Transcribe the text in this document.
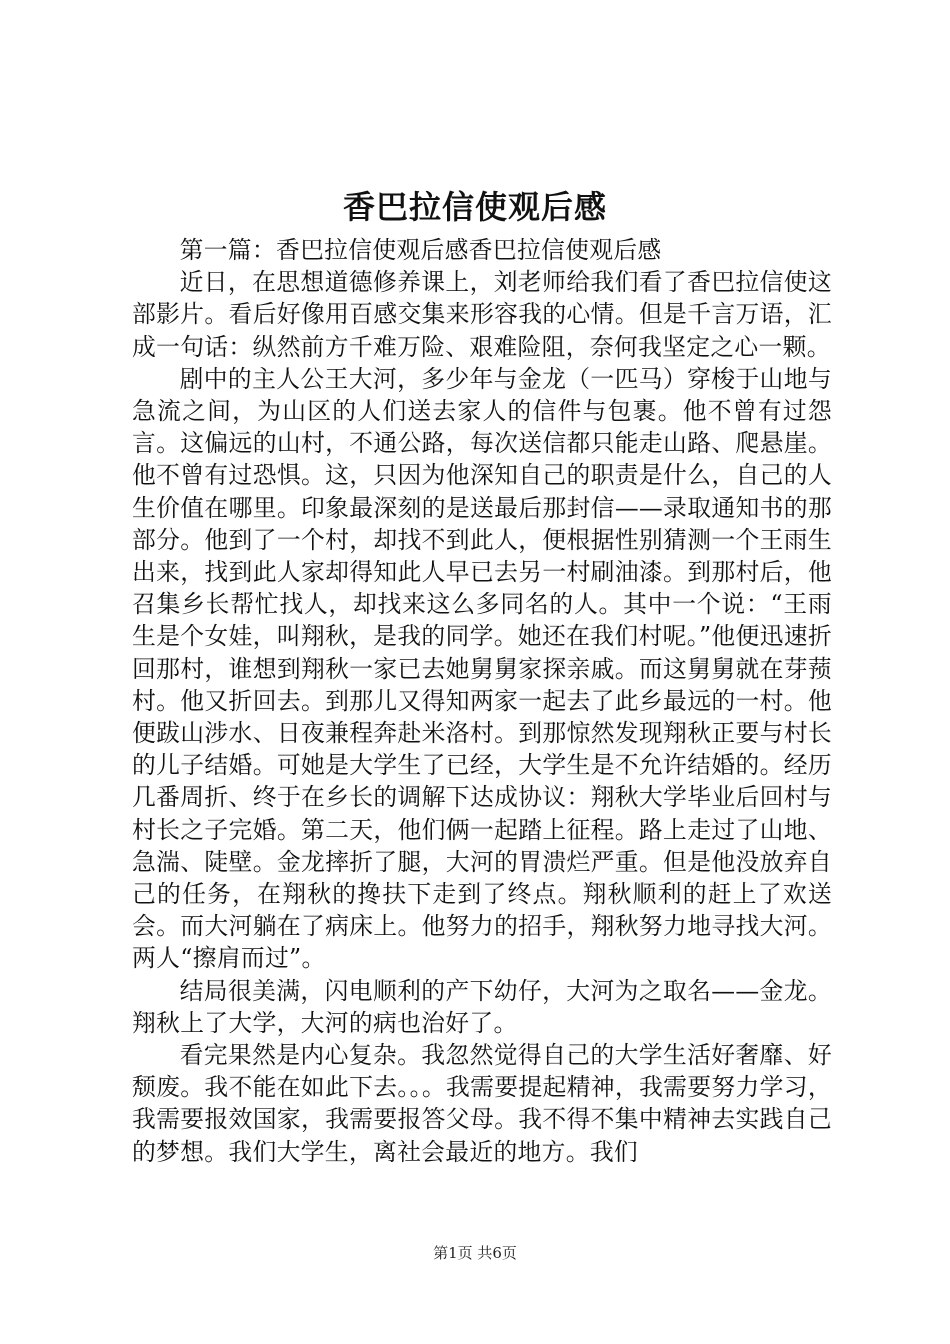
香巴拉信使观后感

第一篇：香巴拉信使观后感香巴拉信使观后感

近日，在思想道德修养课上，刘老师给我们看了香巴拉信使这部影片。看后好像用百感交集来形容我的心情。但是千言万语，汇成一句话：纵然前方千难万险、艰难险阻，奈何我坚定之心一颗。

剧中的主人公王大河，多少年与金龙（一匹马）穿梭于山地与急流之间，为山区的人们送去家人的信件与包裹。他不曾有过怨言。这偏远的山村，不通公路，每次送信都只能走山路、爬悬崖。他不曾有过恐惧。这，只因为他深知自己的职责是什么，自己的人生价值在哪里。印象最深刻的是送最后那封信——录取通知书的那部分。他到了一个村，却找不到此人，便根据性别猜测一个王雨生出来，找到此人家却得知此人早已去另一村刷油漆。到那村后，他召集乡长帮忙找人，却找来这么多同名的人。其中一个说：“王雨生是个女娃，叫翔秋，是我的同学。她还在我们村呢。”他便迅速折回那村，谁想到翔秋一家已去她舅舅家探亲戚。而这舅舅就在芽蓣村。他又折回去。到那儿又得知两家一起去了此乡最远的一村。他便跋山涉水、日夜兼程奔赴米洛村。到那惊然发现翔秋正要与村长的儿子结婚。可她是大学生了已经，大学生是不允许结婚的。经历几番周折、终于在乡长的调解下达成协议：翔秋大学毕业后回村与村长之子完婚。第二天，他们俩一起踏上征程。路上走过了山地、急湍、陡壁。金龙摔折了腿，大河的胃溃烂严重。但是他没放弃自己的任务，在翔秋的搀扶下走到了终点。翔秋顺利的赶上了欢送会。而大河躺在了病床上。他努力的招手，翔秋努力地寻找大河。两人“擦肩而过”。

结局很美满，闪电顺利的产下幼仔，大河为之取名——金龙。翔秋上了大学，大河的病也治好了。

看完果然是内心复杂。我忽然觉得自己的大学生活好奢靡、好颓废。我不能在如此下去。。。我需要提起精神，我需要努力学习，我需要报效国家，我需要报答父母。我不得不集中精神去实践自己的梦想。我们大学生，离社会最近的地方。我们

第1页 共6页
